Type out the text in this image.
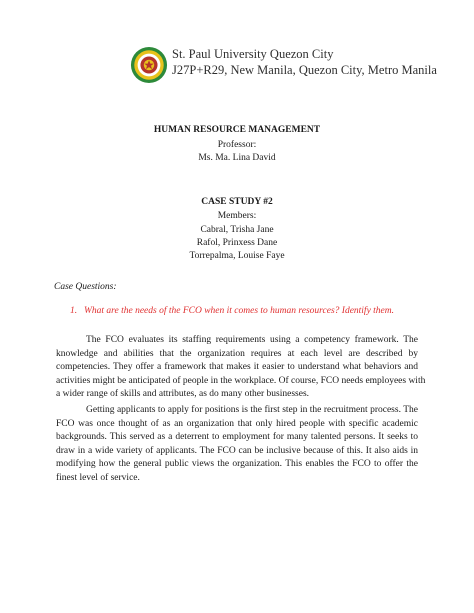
St. Paul University Quezon City
J27P+R29, New Manila, Quezon City, Metro Manila
HUMAN RESOURCE MANAGEMENT
Professor:
Ms. Ma. Lina David
CASE STUDY #2
Members:
Cabral, Trisha Jane
Rafol, Prinxess Dane
Torrepalma, Louise Faye
Case Questions:
1. What are the needs of the FCO when it comes to human resources? Identify them.
The FCO evaluates its staffing requirements using a competency framework. The
knowledge and abilities that the organization requires at each level are described by
competencies. They offer a framework that makes it easier to understand what behaviors and
activities might be anticipated of people in the workplace. Of course, FCO needs employees with
a wider range of skills and attributes, as do many other businesses.
Getting applicants to apply for positions is the first step in the recruitment process. The
FCO was once thought of as an organization that only hired people with specific academic
backgrounds. This served as a deterrent to employment for many talented persons. It seeks to
draw in a wide variety of applicants. The FCO can be inclusive because of this. It also aids in
modifying how the general public views the organization. This enables the FCO to offer the
finest level of service.
